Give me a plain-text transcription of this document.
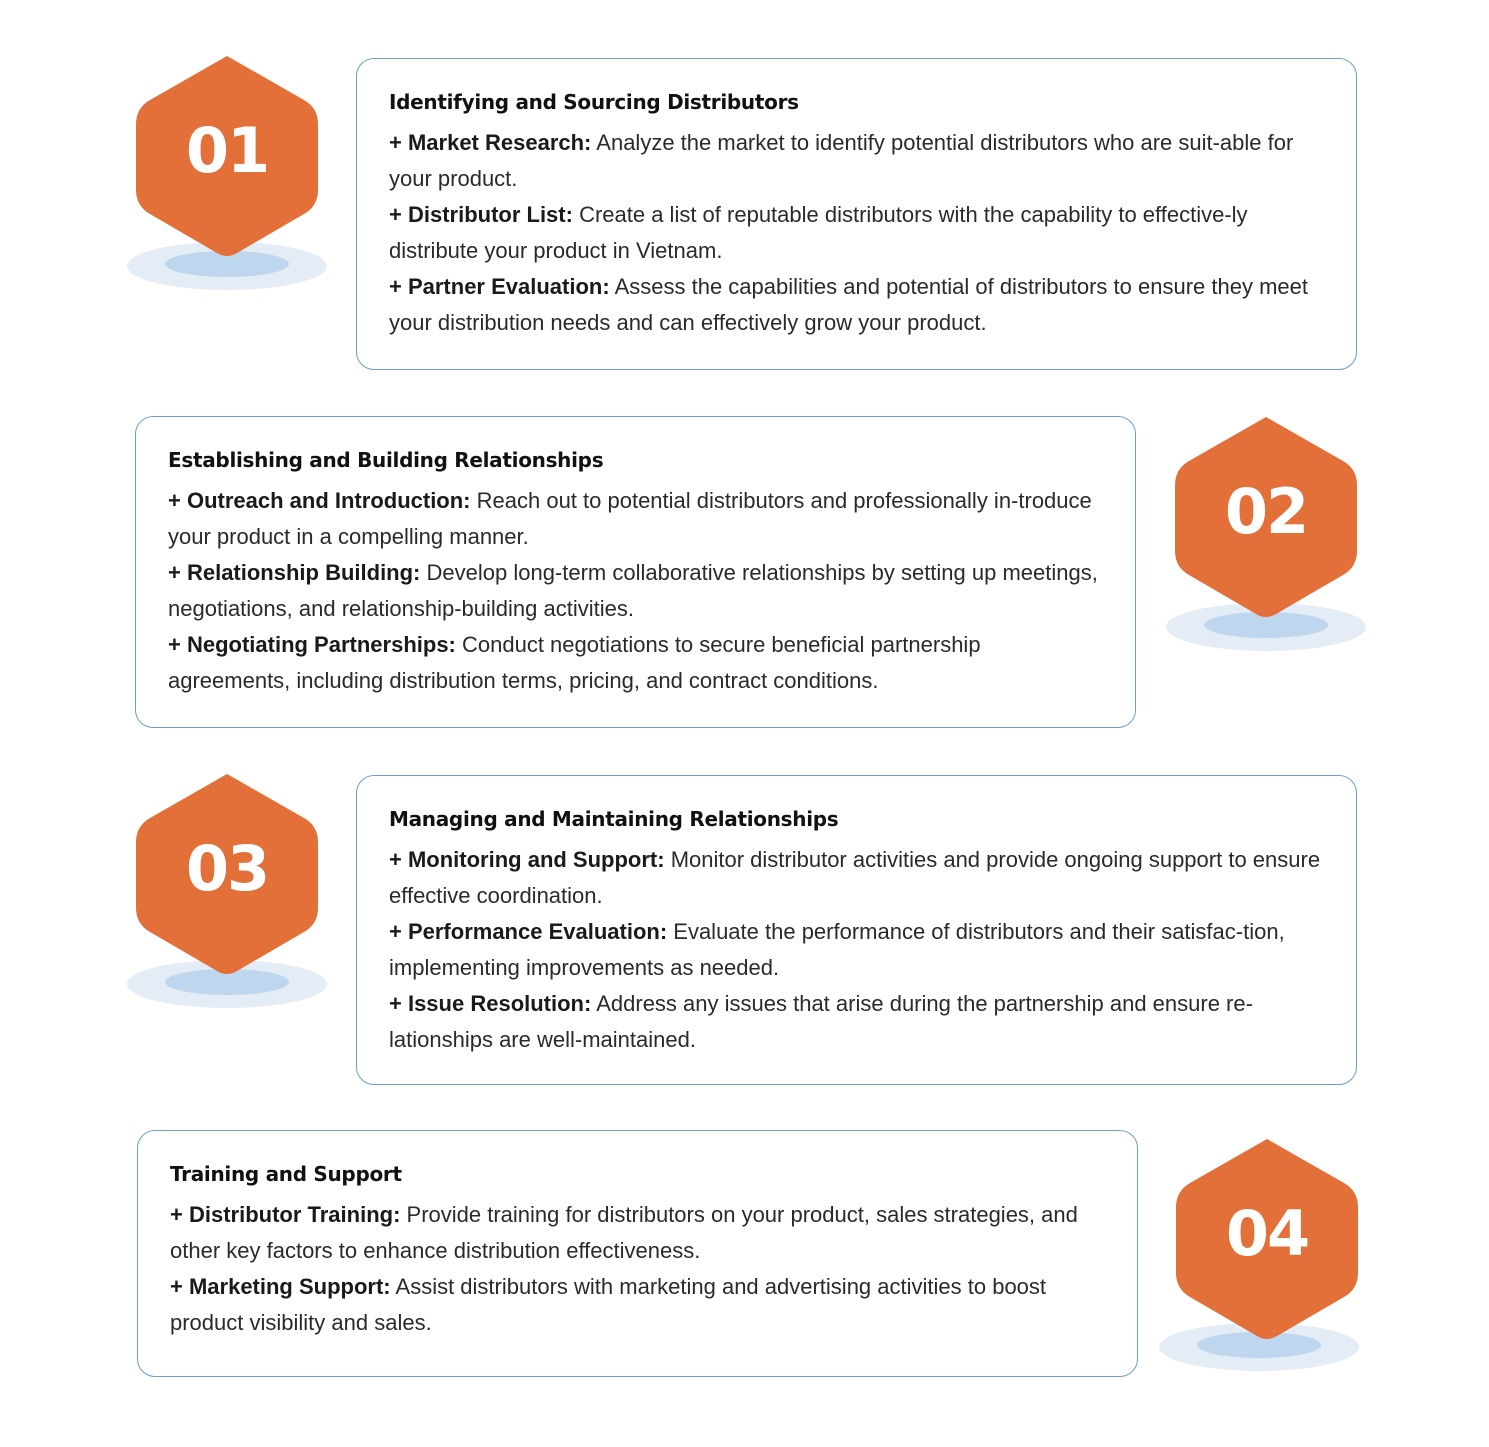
01
Identifying and Sourcing Distributors
+ Market Research: Analyze the market to identify potential distributors who are suit-able for your product.
+ Distributor List: Create a list of reputable distributors with the capability to effective-ly distribute your product in Vietnam.
+ Partner Evaluation: Assess the capabilities and potential of distributors to ensure they meet your distribution needs and can effectively grow your product.
Establishing and Building Relationships
+ Outreach and Introduction: Reach out to potential distributors and professionally in-troduce your product in a compelling manner.
+ Relationship Building: Develop long-term collaborative relationships by setting up meetings, negotiations, and relationship-building activities.
+ Negotiating Partnerships: Conduct negotiations to secure beneficial partnership agreements, including distribution terms, pricing, and contract conditions.
02
03
Managing and Maintaining Relationships
+ Monitoring and Support: Monitor distributor activities and provide ongoing support to ensure effective coordination.
+ Performance Evaluation: Evaluate the performance of distributors and their satisfac-tion, implementing improvements as needed.
+ Issue Resolution: Address any issues that arise during the partnership and ensure re-lationships are well-maintained.
Training and Support
+ Distributor Training: Provide training for distributors on your product, sales strategies, and other key factors to enhance distribution effectiveness.
+ Marketing Support: Assist distributors with marketing and advertising activities to boost product visibility and sales.
04
